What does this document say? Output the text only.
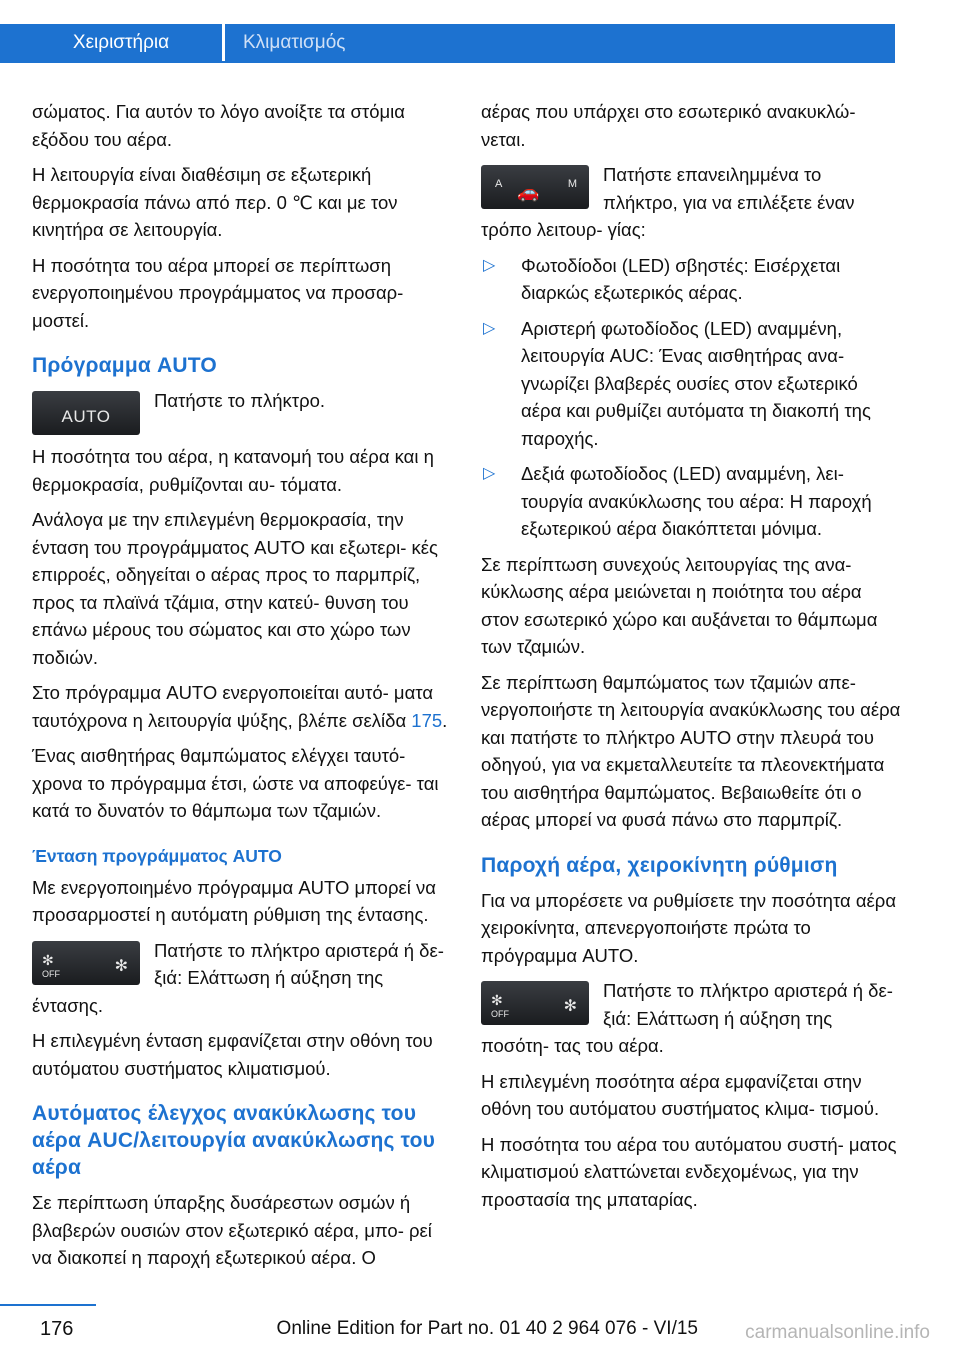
Χειριστήρια	Κλιματισμός

σώματος. Για αυτόν το λόγο ανοίξτε τα στόμια εξόδου του αέρα.

Η λειτουργία είναι διαθέσιμη σε εξωτερική θερμοκρασία πάνω από περ. 0 ℃ και με τον κινητήρα σε λειτουργία.

Η ποσότητα του αέρα μπορεί σε περίπτωση ενεργοποιημένου προγράμματος να προσαρ‐ μοστεί.

Πρόγραμμα AUTO
AUTO

Πατήστε το πλήκτρο.

Η ποσότητα του αέρα, η κατανομή του αέρα και η θερμοκρασία, ρυθμίζονται αυ‐ τόματα.

Ανάλογα με την επιλεγμένη θερμοκρασία, την ένταση του προγράμματος AUTO και εξωτερι‐ κές επιρροές, οδηγείται ο αέρας προς το παρμπρίζ, προς τα πλαϊνά τζάμια, στην κατεύ‐ θυνση του επάνω μέρους του σώματος και στο χώρο των ποδιών.

Στο πρόγραμμα AUTO ενεργοποιείται αυτό‐ ματα ταυτόχρονα η λειτουργία ψύξης, βλέπε σελίδα 175.

Ένας αισθητήρας θαμπώματος ελέγχει ταυτό‐ χρονα το πρόγραμμα έτσι, ώστε να αποφεύγε‐ ται κατά το δυνατόν το θάμπωμα των τζαμιών.

Ένταση προγράμματος AUTO

Με ενεργοποιημένο πρόγραμμα AUTO μπορεί να προσαρμοστεί η αυτόματη ρύθμιση της έντασης.

✻
OFF	✻

Πατήστε το πλήκτρο αριστερά ή δε‐ ξιά: Ελάττωση ή αύξηση της έντασης.

Η επιλεγμένη ένταση εμφανίζεται στην οθόνη του αυτόματου συστήματος κλιματισμού.

Αυτόματος έλεγχος ανακύκλωσης του αέρα AUC/λειτουργία ανακύκλωσης του αέρα

Σε περίπτωση ύπαρξης δυσάρεστων οσμών ή βλαβερών ουσιών στον εξωτερικό αέρα, μπο‐ ρεί να διακοπεί η παροχή εξωτερικού αέρα. Ο

αέρας που υπάρχει στο εσωτερικό ανακυκλώ‐ νεται.

A 🚗	M	Πατήστε επανειλημμένα το πλήκτρο, για να επιλέξετε έναν τρόπο λειτουρ‐ γίας:

▷ Φωτοδίοδοι (LED) σβηστές: Εισέρχεται διαρκώς εξωτερικός αέρας.
▷ Αριστερή φωτοδίοδος (LED) αναμμένη, λειτουργία AUC: Ένας αισθητήρας ανα‐ γνωρίζει βλαβερές ουσίες στον εξωτερικό αέρα και ρυθμίζει αυτόματα τη διακοπή της παροχής.
▷ Δεξιά φωτοδίοδος (LED) αναμμένη, λει‐ τουργία ανακύκλωσης του αέρα: Η παροχή εξωτερικού αέρα διακόπτεται μόνιμα.

Σε περίπτωση συνεχούς λειτουργίας της ανα‐ κύκλωσης αέρα μειώνεται η ποιότητα του αέρα στον εσωτερικό χώρο και αυξάνεται το θάμπωμα των τζαμιών.

Σε περίπτωση θαμπώματος των τζαμιών απε‐ νεργοποιήστε τη λειτουργία ανακύκλωσης του αέρα και πατήστε το πλήκτρο AUTO στην πλευρά του οδηγού, για να εκμεταλλευτείτε τα πλεονεκτήματα του αισθητήρα θαμπώματος. Βεβαιωθείτε ότι ο αέρας μπορεί να φυσά πάνω στο παρμπρίζ.

Παροχή αέρα, χειροκίνητη ρύθμιση

Για να μπορέσετε να ρυθμίσετε την ποσότητα αέρα χειροκίνητα, απενεργοποιήστε πρώτα το πρόγραμμα AUTO.

✻
OFF	✻

Πατήστε το πλήκτρο αριστερά ή δε‐ ξιά: Ελάττωση ή αύξηση της ποσότη‐ τας του αέρα.

Η επιλεγμένη ποσότητα αέρα εμφανίζεται στην οθόνη του αυτόματου συστήματος κλιμα‐ τισμού.

Η ποσότητα του αέρα του αυτόματου συστή‐ ματος κλιματισμού ελαττώνεται ενδεχομένως, για την προστασία της μπαταρίας.

176	Online Edition for Part no. 01 40 2 964 076 - VI/15 carmanualsonline.info
